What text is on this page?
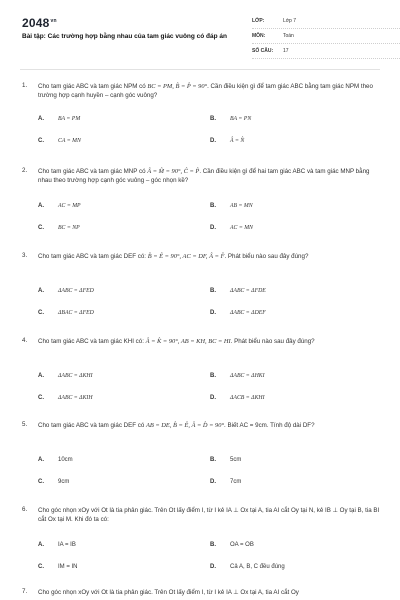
$2048^{vn}$
Bài tập: Các trường hợp bằng nhau của tam giác vuông có đáp án
LỚP:	Lớp 7
MÔN:	Toán
SỐ CÂU: 17
1. Cho tam giác ABC và tam giác NPM có BC = PM, B̂ = P̂ = 90°. Cần điều kiện gì để tam giác ABC bằng tam giác NPM theo trường hợp cạnh huyền – cạnh góc vuông?
A. BA = PM	B. BA = PN
C. CA = MN	D. Â = N̂
2. Cho tam giác ABC và tam giác MNP có Â = M̂ = 90°, Ĉ = P̂. Cần điều kiện gì để hai tam giác ABC và tam giác MNP bằng nhau theo trường hợp cạnh góc vuông – góc nhọn kề?
A. AC = MP	B. AB = MN
C. BC = NP	D. AC = MN
3. Cho tam giác ABC và tam giác DEF có: B̂ = Ê = 90°, AC = DF, Â = F̂. Phát biểu nào sau đây đúng?
A. ΔABC = ΔFED	B. ΔABC = ΔFDE
C. ΔBAC = ΔFED	D. ΔABC = ΔDEF
4. Cho tam giác ABC và tam giác KHI có: Â = K̂ = 90°, AB = KH, BC = HI. Phát biểu nào sau đây đúng?
A. ΔABC = ΔKHI	B. ΔABC = ΔHKI
C. ΔABC = ΔKIH	D. ΔACB = ΔKHI
5. Cho tam giác ABC và tam giác DEF có AB = DE, B̂ = Ê, Â = D̂ = 90°. Biết AC = 9cm. Tính độ dài DF?
A. 10cm	B. 5cm
C. 9cm	D. 7cm
6. Cho góc nhọn xOy với Ot là tia phân giác. Trên Ot lấy điểm I, từ I kẻ IA ⊥ Ox tại A, tia AI cắt Oy tại N, kẻ IB ⊥ Oy tại B, tia BI cắt Ox tại M. Khi đó ta có:
A. IA = IB	B. OA = OB
C. IM = IN	D. Cả A, B, C đều đúng
7. Cho góc nhọn xOy với Ot là tia phân giác. Trên Ot lấy điểm I, từ I kẻ IA ⊥ Ox tại A, tia AI cắt Oy
